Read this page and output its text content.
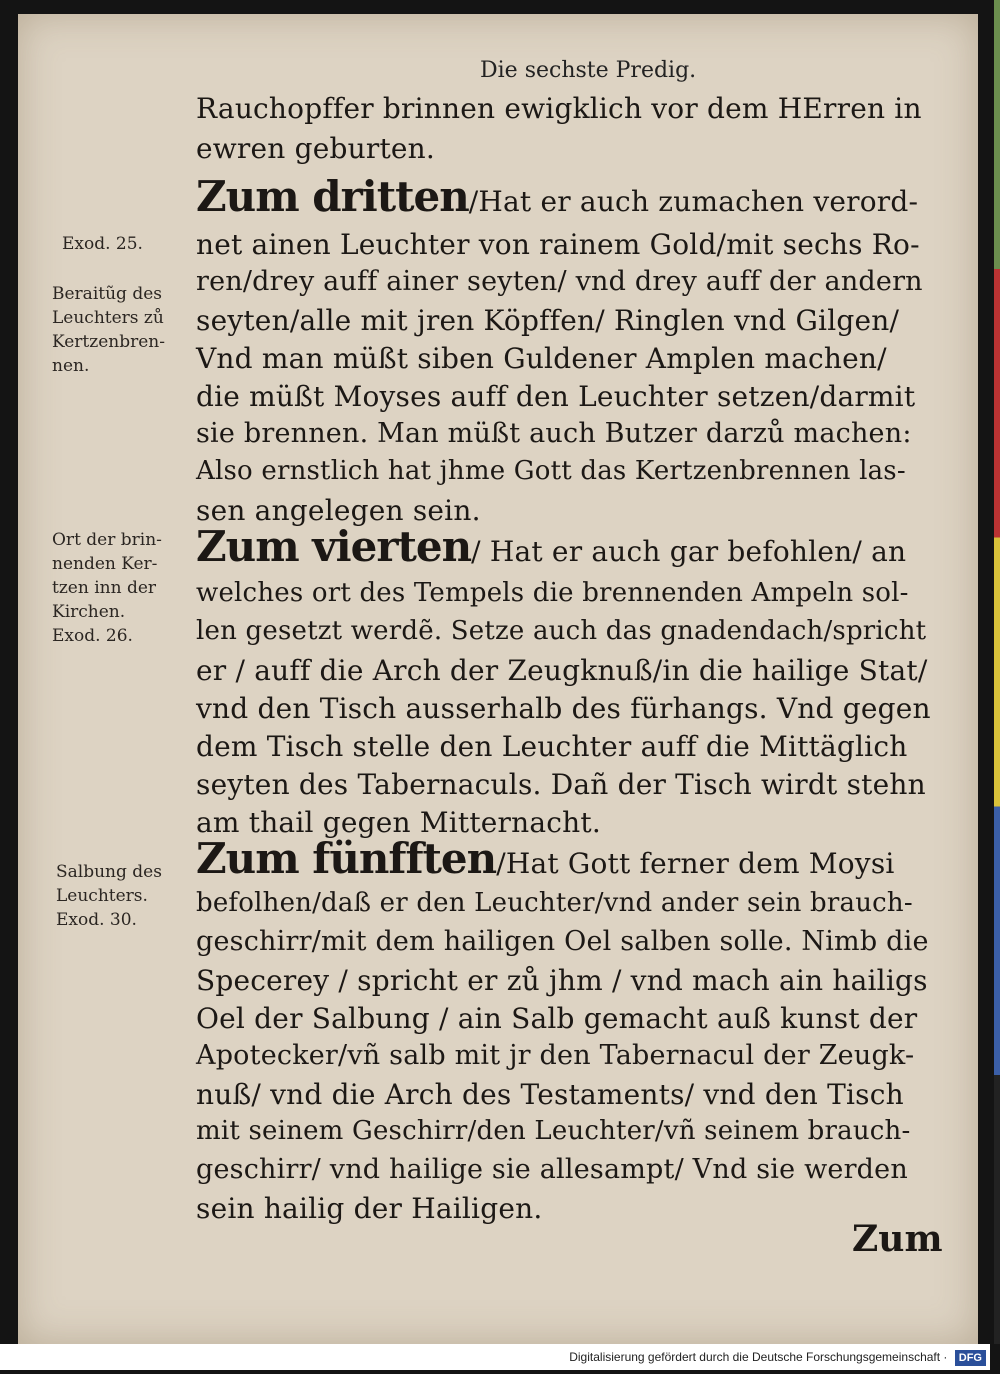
Die sechste Predig.
Rauchopffer brinnen ewigklich vor dem HErren in
ewren geburten.
Zum dritten/Hat er auch zumachen verord-
net ainen Leuchter von rainem Gold/mit sechs Ro-
ren/drey auff ainer seyten/ vnd drey auff der andern
seyten/alle mit jren Köpffen/ Ringlen vnd Gilgen/
Vnd man müßt siben Guldener Amplen machen/
die müßt Moyses auff den Leuchter setzen/darmit
sie brennen. Man müßt auch Butzer darzů machen:
Also ernstlich hat jhme Gott das Kertzenbrennen las-
sen angelegen sein.
Zum vierten/ Hat er auch gar befohlen/ an
welches ort des Tempels die brennenden Ampeln sol-
len gesetzt werdẽ. Setze auch das gnadendach/spricht
er / auff die Arch der Zeugknuß/in die hailige Stat/
vnd den Tisch ausserhalb des fürhangs. Vnd gegen
dem Tisch stelle den Leuchter auff die Mittäglich
seyten des Tabernaculs. Dañ der Tisch wirdt stehn
am thail gegen Mitternacht.
Zum fünfften/Hat Gott ferner dem Moysi
befolhen/daß er den Leuchter/vnd ander sein brauch-
geschirr/mit dem hailigen Oel salben solle. Nimb die
Specerey / spricht er zů jhm / vnd mach ain hailigs
Oel der Salbung / ain Salb gemacht auß kunst der
Apotecker/vñ salb mit jr den Tabernacul der Zeugk-
nuß/ vnd die Arch des Testaments/ vnd den Tisch
mit seinem Geschirr/den Leuchter/vñ seinem brauch-
geschirr/ vnd hailige sie allesampt/ Vnd sie werden
sein hailig der Hailigen.
Exod. 25.
Beraitũg des
Leuchters zů
Kertzenbren-
nen.
Ort der brin-
nenden Ker-
tzen inn der
Kirchen.
Exod. 26.
Salbung des
Leuchters.
Exod. 30.
Zum
Digitalisierung gefördert durch die Deutsche Forschungsgemeinschaft · DFG
